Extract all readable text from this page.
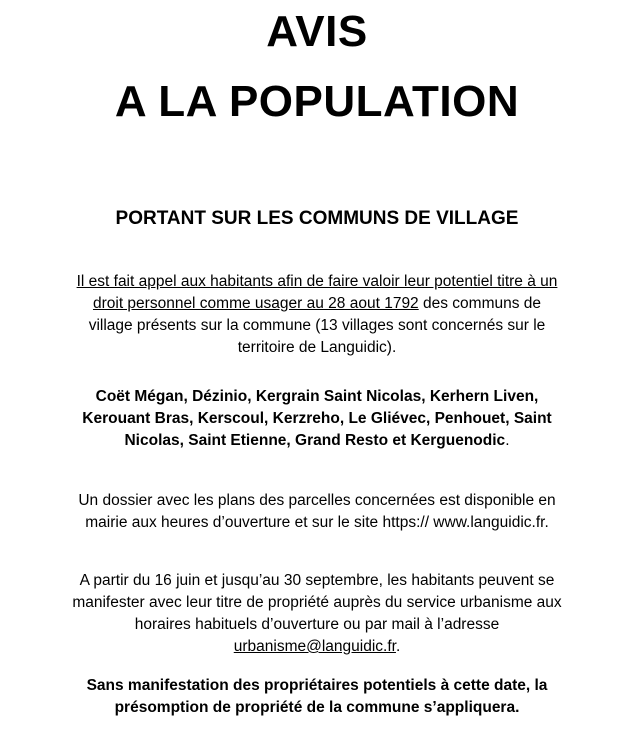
AVIS
A LA POPULATION
PORTANT SUR LES COMMUNS DE VILLAGE
Il est fait appel aux habitants afin de faire valoir leur potentiel titre à un
droit personnel comme usager au 28 aout 1792 des communs de
village présents sur la commune (13 villages sont concernés sur le
territoire de Languidic).
Coët Mégan, Dézinio, Kergrain Saint Nicolas, Kerhern Liven,
Kerouant Bras, Kerscoul, Kerzreho, Le Gliévec, Penhouet, Saint
Nicolas, Saint Etienne, Grand Resto et Kerguenodic.
Un dossier avec les plans des parcelles concernées est disponible en
mairie aux heures d’ouverture et sur le site https:// www.languidic.fr.
A partir du 16 juin et jusqu’au 30 septembre, les habitants peuvent se
manifester avec leur titre de propriété auprès du service urbanisme aux
horaires habituels d’ouverture ou par mail à l’adresse
urbanisme@languidic.fr.
Sans manifestation des propriétaires potentiels à cette date, la
présomption de propriété de la commune s’appliquera.
